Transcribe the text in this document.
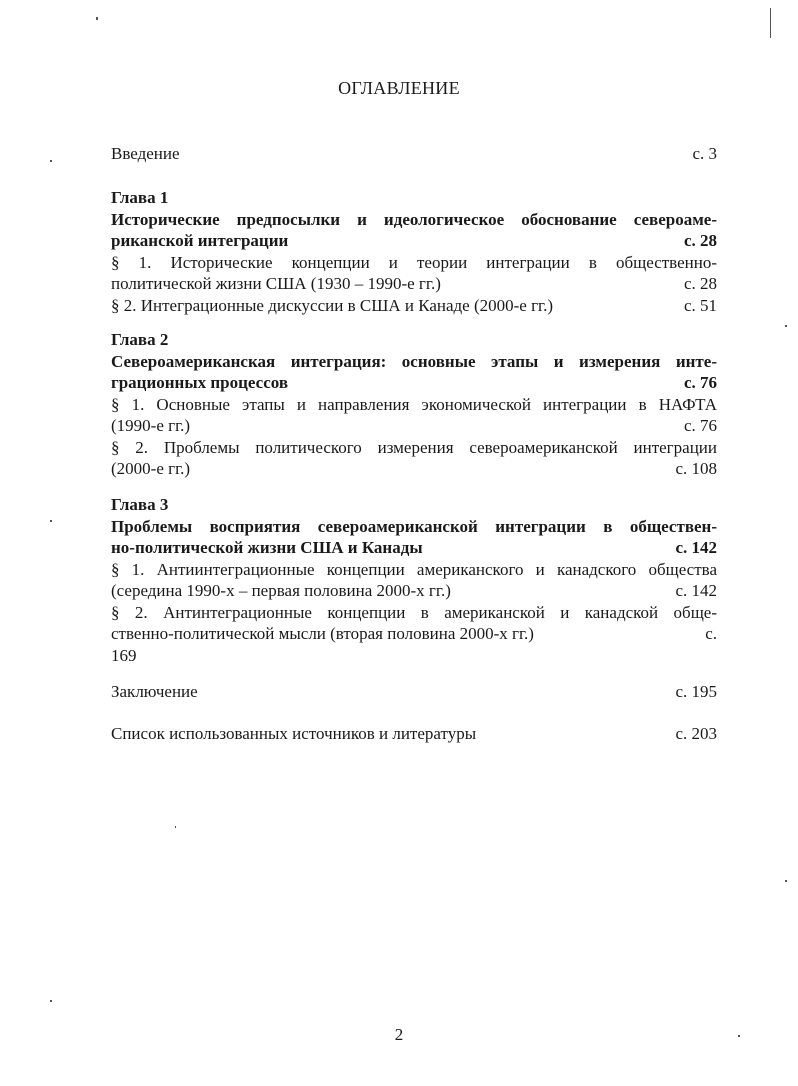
ОГЛАВЛЕНИЕ
Введение	с. 3
Глава 1
Исторические предпосылки и идеологическое обоснование североаме-
риканской интеграции	с. 28
§ 1. Исторические концепции и теории интеграции в общественно-
политической жизни США (1930 – 1990-е гг.)	с. 28
§ 2. Интеграционные дискуссии в США и Канаде (2000-е гг.)	с. 51
Глава 2
Североамериканская интеграция: основные этапы и измерения инте-
грационных процессов	с. 76
§ 1. Основные этапы и направления экономической интеграции в НАФТА
(1990-е гг.)	с. 76
§ 2. Проблемы политического измерения североамериканской интеграции
(2000-е гг.)	с. 108
Глава 3
Проблемы восприятия североамериканской интеграции в обществен-
но-политической жизни США и Канады	с. 142
§ 1. Антиинтеграционные концепции американского и канадского общества
(середина 1990-х – первая половина 2000-х гг.)	с. 142
§ 2. Антинтеграционные концепции в американской и канадской обще-
ственно-политической мысли (вторая половина 2000-х гг.)	с.
169
Заключение	с. 195
Список использованных источников и литературы	с. 203
2
